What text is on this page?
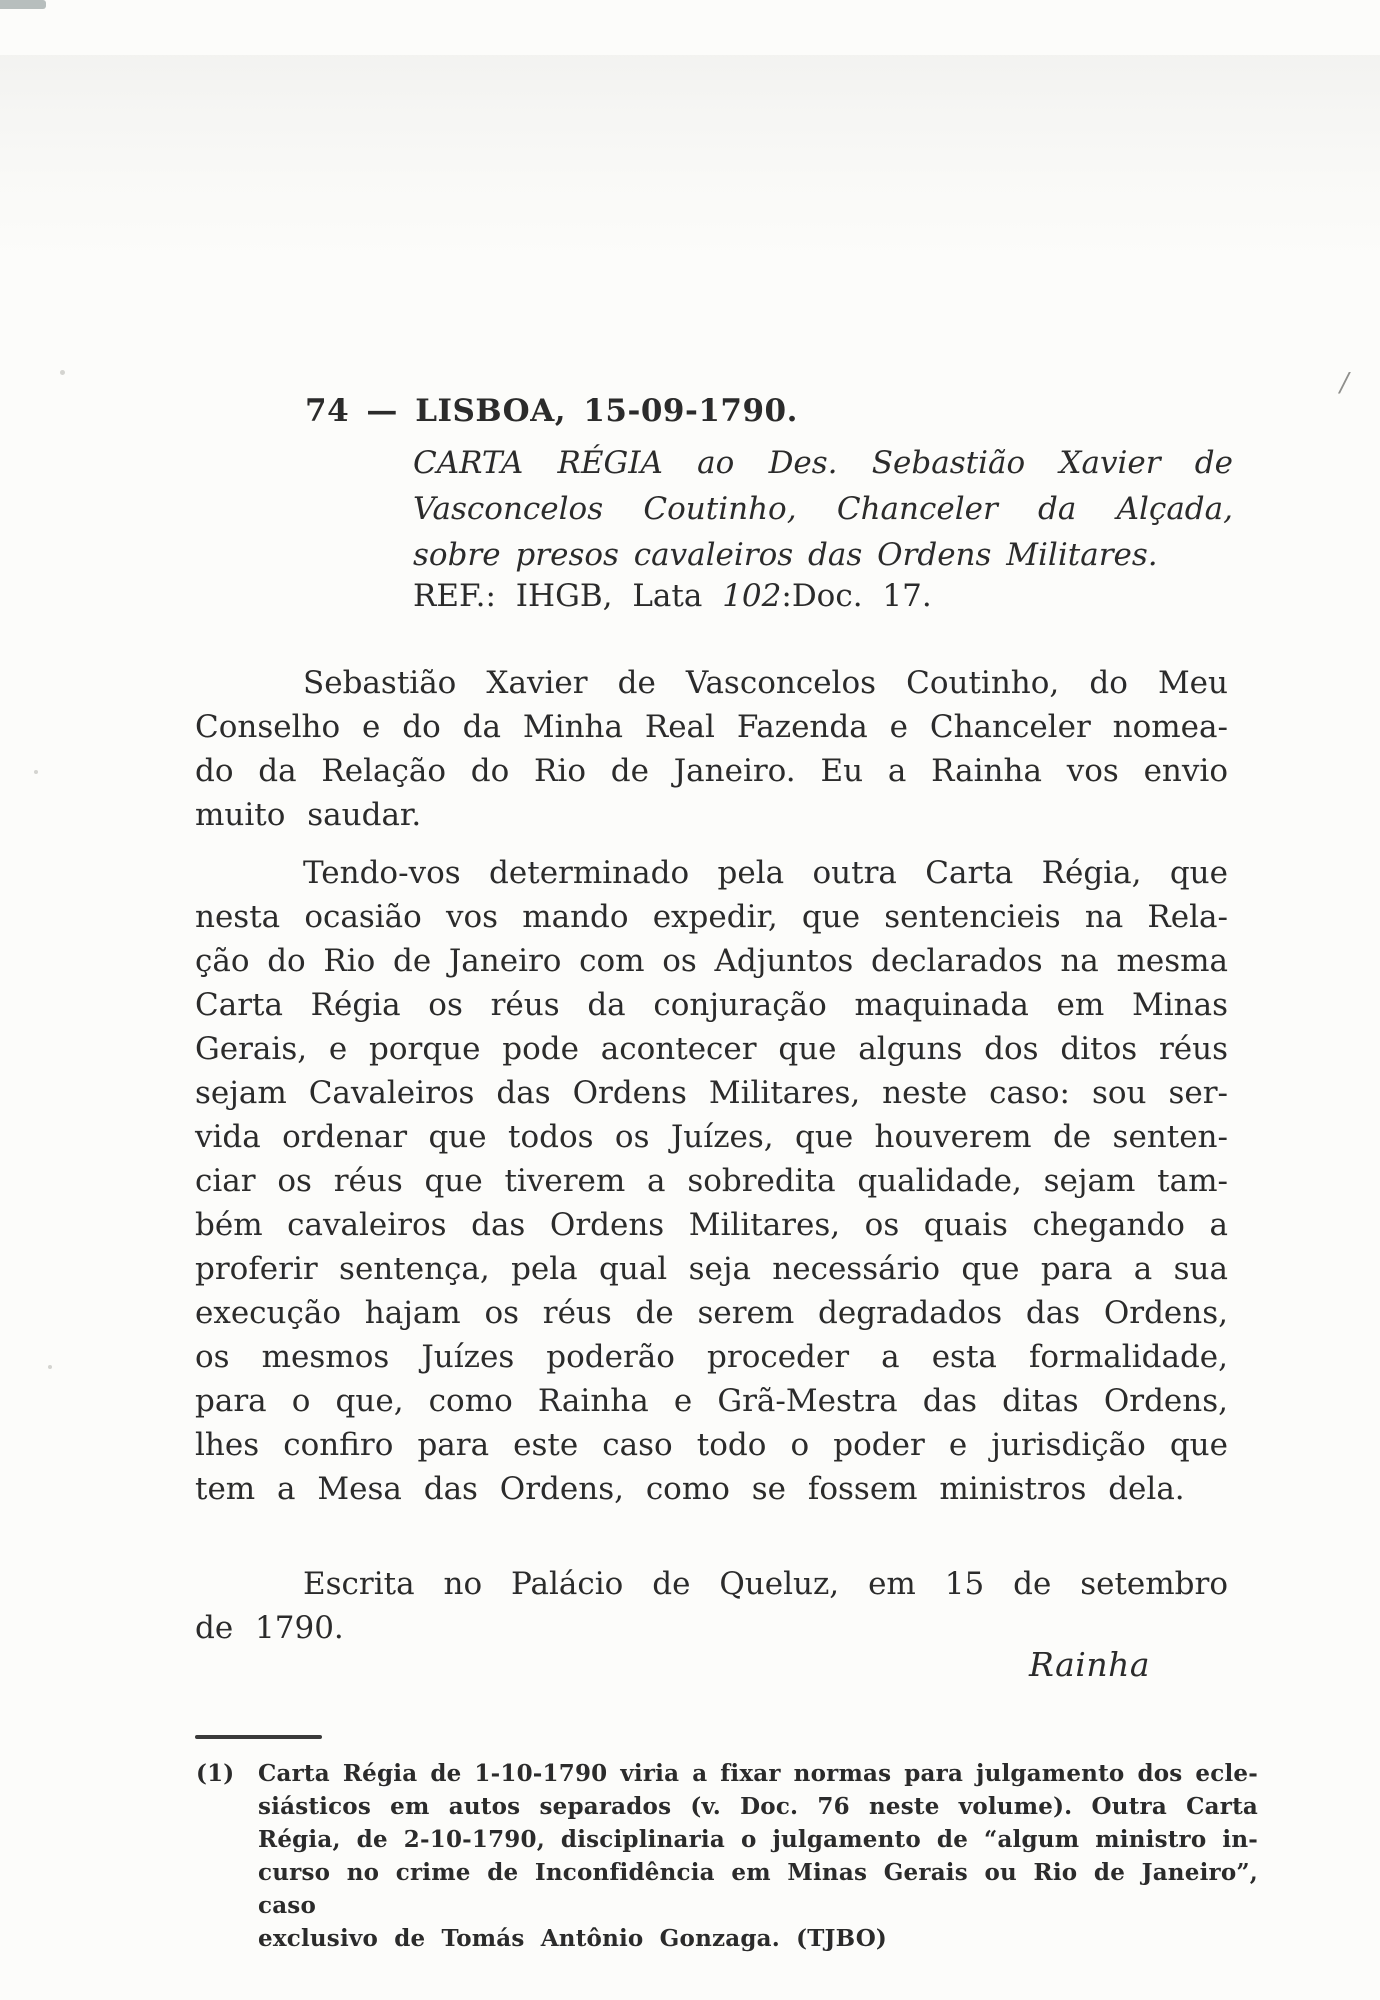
/
74 — LISBOA, 15-09-1790.
CARTA RÉGIA ao Des. Sebastião Xavier de
Vasconcelos Coutinho, Chanceler da Alçada,
sobre presos cavaleiros das Ordens Militares.
REF.: IHGB, Lata 102:Doc. 17.
Sebastião Xavier de Vasconcelos Coutinho, do Meu
Conselho e do da Minha Real Fazenda e Chanceler nomea-
do da Relação do Rio de Janeiro. Eu a Rainha vos envio
muito saudar.
Tendo-vos determinado pela outra Carta Régia, que
nesta ocasião vos mando expedir, que sentencieis na Rela-
ção do Rio de Janeiro com os Adjuntos declarados na mesma
Carta Régia os réus da conjuração maquinada em Minas
Gerais, e porque pode acontecer que alguns dos ditos réus
sejam Cavaleiros das Ordens Militares, neste caso: sou ser-
vida ordenar que todos os Juízes, que houverem de senten-
ciar os réus que tiverem a sobredita qualidade, sejam tam-
bém cavaleiros das Ordens Militares, os quais chegando a
proferir sentença, pela qual seja necessário que para a sua
execução hajam os réus de serem degradados das Ordens,
os mesmos Juízes poderão proceder a esta formalidade,
para o que, como Rainha e Grã-Mestra das ditas Ordens,
lhes confiro para este caso todo o poder e jurisdição que
tem a Mesa das Ordens, como se fossem ministros dela.
Escrita no Palácio de Queluz, em 15 de setembro
de 1790.
Rainha
(1) Carta Régia de 1-10-1790 viria a fixar normas para julgamento dos ecle-
siásticos em autos separados (v. Doc. 76 neste volume). Outra Carta
Régia, de 2-10-1790, disciplinaria o julgamento de “algum ministro in-
curso no crime de Inconfidência em Minas Gerais ou Rio de Janeiro”, caso
exclusivo de Tomás Antônio Gonzaga. (TJBO)
